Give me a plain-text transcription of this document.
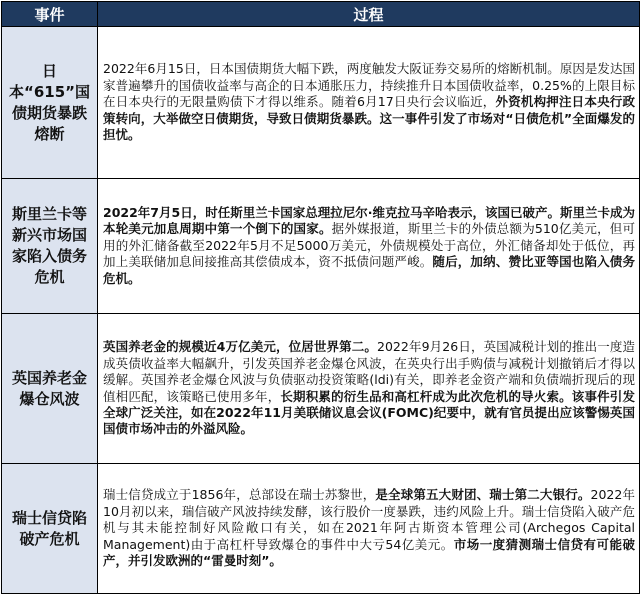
事件	过程
日本“615”国债期货暴跌熔断	2022年6月15日，日本国债期货大幅下跌，两度触发大阪证券交易所的熔断机制。原因是发达国家普遍攀升的国债收益率与高企的日本通胀压力，持续推升日本国债收益率，0.25%的上限目标在日本央行的无限量购债下才得以维系。随着6月17日央行会议临近，外资机构押注日本央行政策转向，大举做空日债期货，导致日债期货暴跌。这一事件引发了市场对“日债危机”全面爆发的担忧。
斯里兰卡等新兴市场国家陷入债务危机	2022年7月5日，时任斯里兰卡国家总理拉尼尔·维克拉马辛哈表示，该国已破产。斯里兰卡成为本轮美元加息周期中第一个倒下的国家。据外媒报道，斯里兰卡的外债总额为510亿美元，但可用的外汇储备截至2022年5月不足5000万美元，外债规模处于高位，外汇储备却处于低位，再加上美联储加息间接推高其偿债成本，资不抵债问题严峻。随后，加纳、赞比亚等国也陷入债务危机。
英国养老金爆仓风波	英国养老金的规模近4万亿美元，位居世界第二。2022年9月26日，英国减税计划的推出一度造成英债收益率大幅飙升，引发英国养老金爆仓风波，在英央行出手购债与减税计划撤销后才得以缓解。英国养老金爆仓风波与负债驱动投资策略(ldi)有关，即养老金资产端和负债端折现后的现值相匹配，该策略已使用多年，长期积累的衍生品和高杠杆成为此次危机的导火索。该事件引发全球广泛关注，如在2022年11月美联储议息会议(FOMC)纪要中，就有官员提出应该警惕英国国债市场冲击的外溢风险。
瑞士信贷陷破产危机	瑞士信贷成立于1856年，总部设在瑞士苏黎世，是全球第五大财团、瑞士第二大银行。2022年10月初以来，瑞信破产风波持续发酵，该行股价一度暴跌，违约风险上升。瑞士信贷陷入破产危机与其未能控制好风险敞口有关，如在2021年阿古斯资本管理公司(Archegos Capital Management)由于高杠杆导致爆仓的事件中大亏54亿美元。市场一度猜测瑞士信贷有可能破产，并引发欧洲的“雷曼时刻”。
